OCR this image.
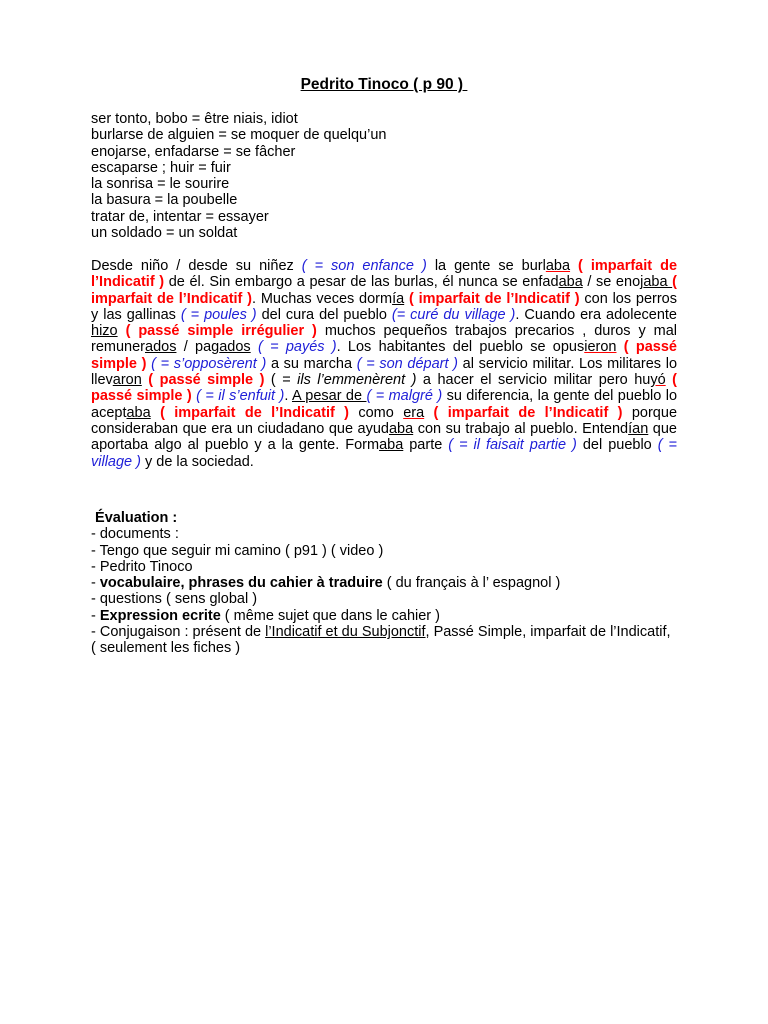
Pedrito Tinoco ( p 90 )
ser tonto, bobo = être niais, idiot
burlarse de alguien = se moquer de quelqu’un
enojarse, enfadarse = se fâcher
escaparse ; huir = fuir
la sonrisa = le sourire
la basura = la poubelle
tratar de, intentar = essayer
un soldado = un soldat
Desde niño / desde su niñez ( = son enfance ) la gente se burlaba ( imparfait de l’Indicatif ) de él. Sin embargo a pesar de las burlas, él nunca se enfadaba / se enojaba ( imparfait de l’Indicatif ). Muchas veces dormía ( imparfait de l’Indicatif ) con los perros y las gallinas ( = poules ) del cura del pueblo (= curé du village ). Cuando era adolecente hizo ( passé simple irrégulier ) muchos pequeños trabajos precarios , duros y mal remunerados / pagados ( = payés ). Los habitantes del pueblo se opusieron ( passé simple ) ( = s’opposèrent ) a su marcha ( = son départ ) al servicio militar. Los militares lo llevaron ( passé simple ) ( = ils l’emmenèrent ) a hacer el servicio militar pero huyó ( passé simple ) ( = il s’enfuit ). A pesar de ( = malgré ) su diferencia, la gente del pueblo lo aceptaba ( imparfait de l’Indicatif ) como era ( imparfait de l’Indicatif ) porque consideraban que era un ciudadano que ayudaba con su trabajo al pueblo. Entendían que aportaba algo al pueblo y a la gente. Formaba parte ( = il faisait partie ) del pueblo ( = village ) y de la sociedad.
Évaluation :
- documents :
- Tengo que seguir mi camino ( p91 ) ( video )
- Pedrito Tinoco
- vocabulaire, phrases du cahier à traduire ( du français à l’ espagnol )
- questions ( sens global )
- Expression ecrite ( même sujet que dans le cahier )
- Conjugaison : présent de l’Indicatif et du Subjonctif, Passé Simple, imparfait de l’Indicatif,
( seulement les fiches )
